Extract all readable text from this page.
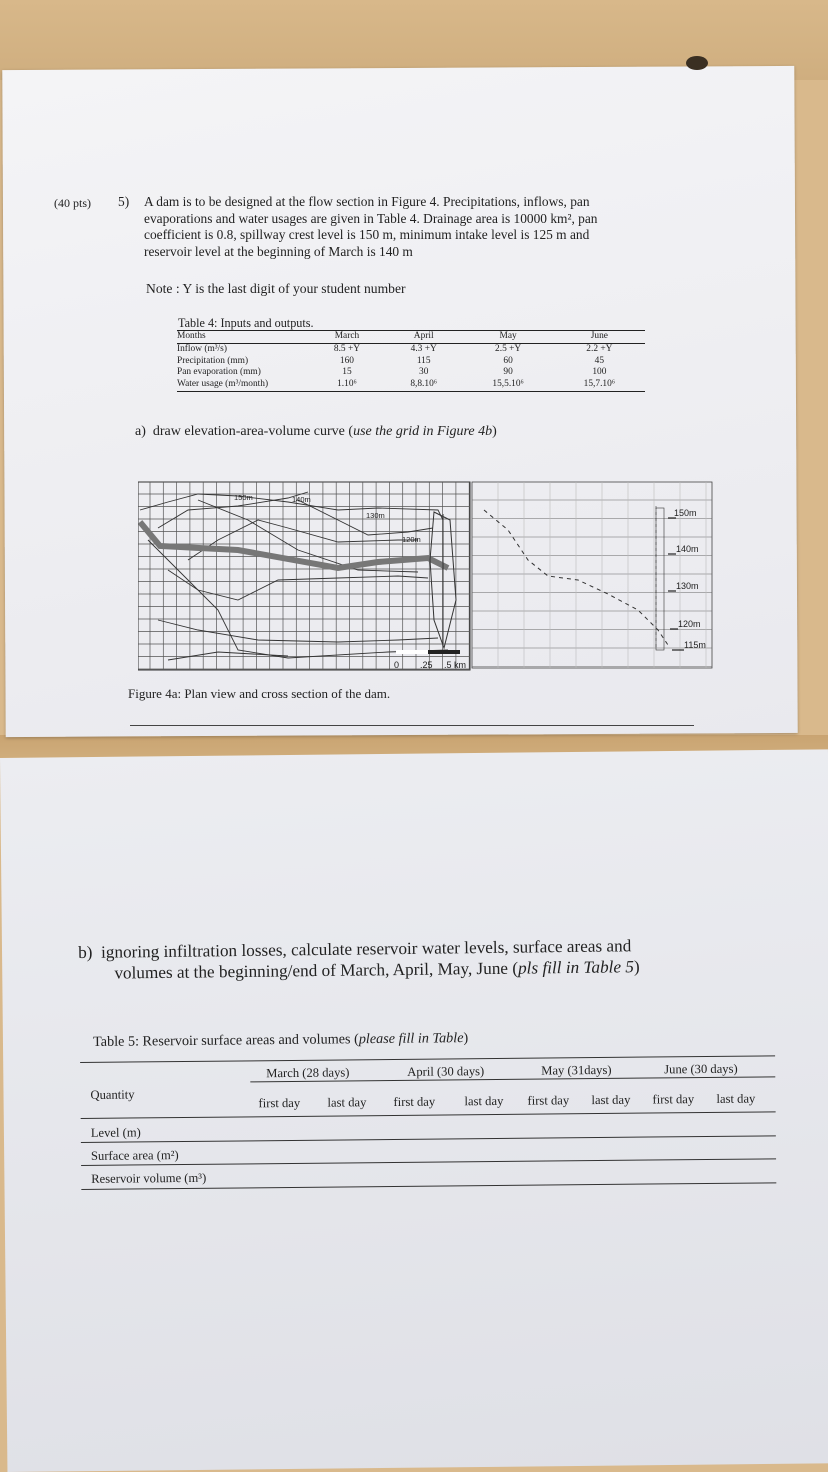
(40 pts) 5) A dam is to be designed at the flow section in Figure 4. Precipitations, inflows, pan
evaporations and water usages are given in Table 4. Drainage area is 10000 km², pan
coefficient is 0.8, spillway crest level is 150 m, minimum intake level is 125 m and
reservoir level at the beginning of March is 140 m
Note : Y is the last digit of your student number
Table 4: Inputs and outputs.
Months	March	April	May	June
Inflow (m³/s)	8.5 +Y	4.3 +Y	2.5 +Y	2.2 +Y
Precipitation (mm)	160	115	60	45
Pan evaporation (mm)	15	30	90	100
Water usage (m³/month)	1.10⁶	8,8.10⁶	15,5.10⁶	15,7.10⁶
a) draw elevation-area-volume curve (use the grid in Figure 4b)
150m	140m
130m
120m
0 .25 .5 km
150m
140m
130m
120m
115m
Figure 4a: Plan view and cross section of the dam.
b) ignoring infiltration losses, calculate reservoir water levels, surface areas and
volumes at the beginning/end of March, April, May, June (pls fill in Table 5)
Table 5: Reservoir surface areas and volumes (please fill in Table)
Quantity
March (28 days)	April (30 days)	May (31days)	June (30 days)
first day last day first day last day first day last day first day last day
Level (m)
Surface area (m²)
Reservoir volume (m³)
